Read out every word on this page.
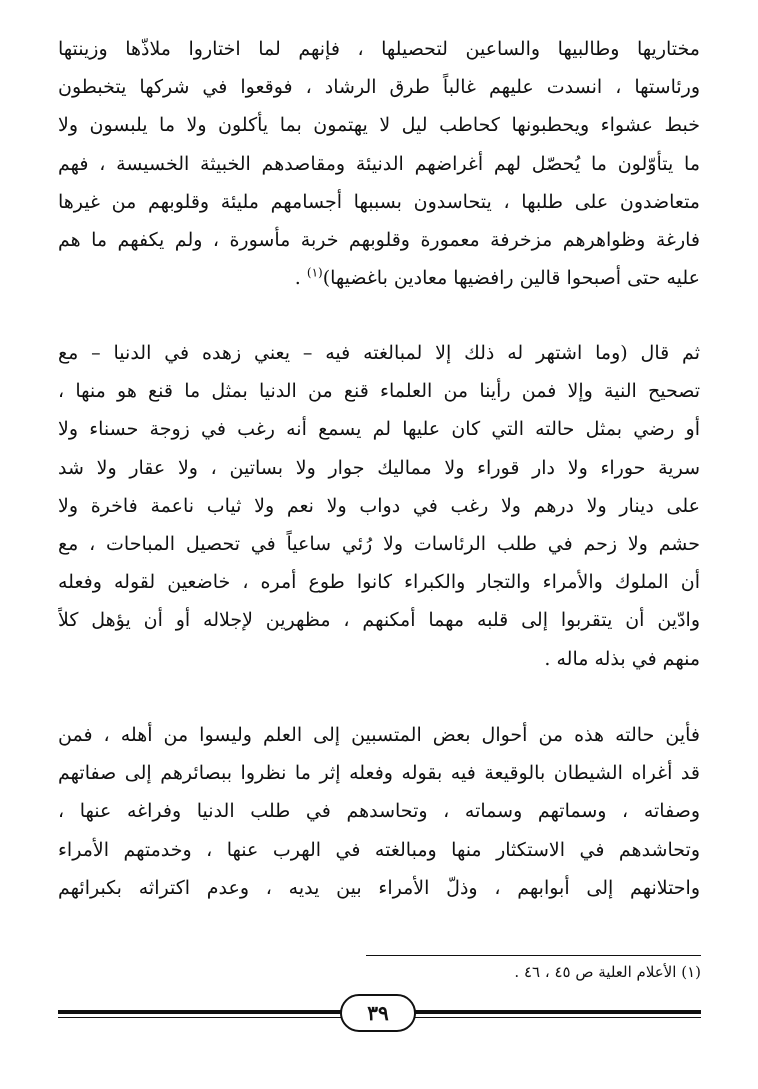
مختاريها وطالبيها والساعين لتحصيلها ، فإنهم لما اختاروا ملاذّها وزينتها
ورئاستها ، انسدت عليهم غالباً طرق الرشاد ، فوقعوا في شركها يتخبطون
خبط عشواء ويحطبونها كحاطب ليل لا يهتمون بما يأكلون ولا ما يلبسون ولا
ما يتأوّلون ما يُحصّل لهم أغراضهم الدنيئة ومقاصدهم الخبيثة الخسيسة ، فهم
متعاضدون على طلبها ، يتحاسدون بسببها أجسامهم مليئة وقلوبهم من غيرها
فارغة وظواهرهم مزخرفة معمورة وقلوبهم خربة مأسورة ، ولم يكفهم ما هم
عليه حتى أصبحوا قالين رافضيها معادين باغضيها)$^{(١)}$ .
ثم قال (وما اشتهر له ذلك إلا لمبالغته فيه – يعني زهده في الدنيا – مع
تصحيح النية وإلا فمن رأينا من العلماء قنع من الدنيا بمثل ما قنع هو منها ،
أو رضي بمثل حالته التي كان عليها لم يسمع أنه رغب في زوجة حسناء ولا
سرية حوراء ولا دار قوراء ولا مماليك جوار ولا بساتين ، ولا عقار ولا شد
على دينار ولا درهم ولا رغب في دواب ولا نعم ولا ثياب ناعمة فاخرة ولا
حشم ولا زحم في طلب الرئاسات ولا رُئي ساعياً في تحصيل المباحات ، مع
أن الملوك والأمراء والتجار والكبراء كانوا طوع أمره ، خاضعين لقوله وفعله
وادّين أن يتقربوا إلى قلبه مهما أمكنهم ، مظهرين لإجلاله أو أن يؤهل كلاً
منهم في بذله ماله .
فأين حالته هذه من أحوال بعض المتسبين إلى العلم وليسوا من أهله ، فمن
قد أغراه الشيطان بالوقيعة فيه بقوله وفعله إثر ما نظروا ببصائرهم إلى صفاتهم
وصفاته ، وسماتهم وسماته ، وتحاسدهم في طلب الدنيا وفراغه عنها ،
وتحاشدهم في الاستكثار منها ومبالغته في الهرب عنها ، وخدمتهم الأمراء
واحتلانهم إلى أبوابهم ، وذلّ الأمراء بين يديه ، وعدم اكتراثه بكبرائهم
(١) الأعلام العلية ص ٤٥ ، ٤٦ .
٣٩
